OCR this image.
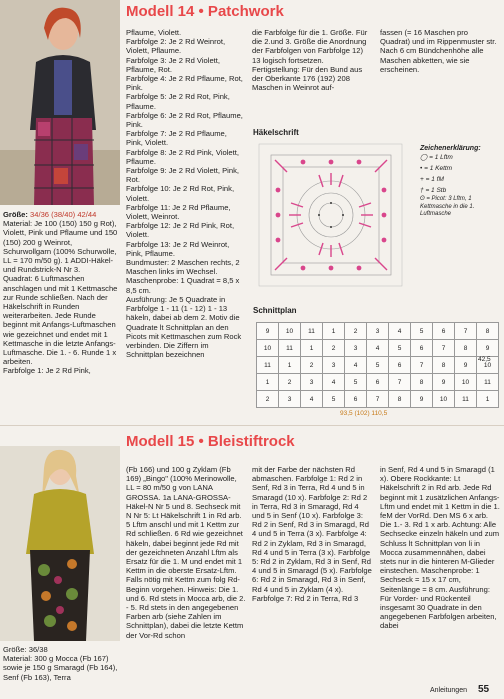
Modell 14 • Patchwork
Größe: 34/36 (38/40) 42/44
Material: Je 100 (150) 150 g Rot), Violett, Pink und Pflaume und 150 (150) 200 g Weinrot, Schurwollgarn (100% Schurwolle, LL = 170 m/50 g). 1 ADDI-Häkel- und Rundstrick-N Nr 3.
Quadrat: 6 Luftmaschen anschlagen und mit 1 Kettmasche zur Runde schließen. Nach der Häkelschrift in Runden weiterarbeiten. Jede Runde beginnt mit Anfangs-Luftmaschen wie gezeichnet und endet mit 1 Kettmasche in die letzte Anfangs-Luftmasche. Die 1. - 6. Runde 1 x arbeiten.
Farbfolge 1: Je 2 Rd Pink,
Pflaume, Violett.
Farbfolge 2: Je 2 Rd Weinrot, Violett, Pflaume.
Farbfolge 3: Je 2 Rd Violett, Pflaume, Rot.
Farbfolge 4: Je 2 Rd Pflaume, Rot, Pink.
Farbfolge 5: Je 2 Rd Rot, Pink, Pflaume.
Farbfolge 6: Je 2 Rd Rot, Pflaume, Pink.
Farbfolge 7: Je 2 Rd Pflaume, Pink, Violett.
Farbfolge 8: Je 2 Rd Pink, Violett, Pflaume.
Farbfolge 9: Je 2 Rd Violett, Pink, Rot.
Farbfolge 10: Je 2 Rd Rot, Pink, Violett.
Farbfolge 11: Je 2 Rd Pflaume, Violett, Weinrot.
Farbfolge 12: Je 2 Rd Pink, Rot, Violett.
Farbfolge 13: Je 2 Rd Weinrot, Pink, Pflaume.
Bundmuster: 2 Maschen rechts, 2 Maschen links im Wechsel.
Maschenprobe: 1 Quadrat = 8,5 x 8,5 cm.
Ausführung: Je 5 Quadrate in Farbfolge 1 - 11 (1 - 12) 1 - 13 häkeln, dabei ab dem 2. Motiv die Quadrate lt Schnittplan an den Picots mit Kettmaschen zum Rock verbinden. Die Ziffern im Schnittplan bezeichnen
die Farbfolge für die 1. Größe. Für die 2.und 3. Größe die Anordnung der Farbfolgen von Farbfolge 12) 13 logisch fortsetzen.
Fertigstellung: Für den Bund aus der Oberkante 176 (192) 208 Maschen in Weinrot auf-
fassen (= 16 Maschen pro Quadrat) und im Rippenmuster str. Nach 6 cm Bündchenhöhe alle Maschen abketten, wie sie erscheinen.
Häkelschrift
Zeichenerklärung:
◯ = 1 Lftm
• = 1 Kettm
+ = 1 fM
† = 1 Stb
ʘ = Picot: 3 Lftm, 1 Kettmasche in die 1. Luftmasche
Schnittplan
9	10	11	1	2	3	4	5	6	7	8
10	11	1	2	3	4	5	6	7	8	9
11	1	2	3	4	5	6	7	8	9	10
1	2	3	4	5	6	7	8	9	10	11
2	3	4	5	6	7	8	9	10	11	1
42,5
93,5 (102) 110,5
Modell 15 • Bleistiftrock
Größe: 36/38
Material: 300 g Mocca (Fb 167) sowie je 150 g Smaragd (Fb 164), Senf (Fb 163), Terra
(Fb 166) und 100 g Zyklam (Fb 169) „Bingo" (100% Merinowolle, LL = 80 m/50 g von LANA GROSSA. 1a LANA-GROSSA-Häkel-N Nr 5 und 8. Sechseck mit N Nr 5: Lt Häkelschrift 1 in Rd arb. 5 Lftm anschl und mit 1 Kettm zur Rd schließen. 6 Rd wie gezeichnet häkeln, dabei beginnt jede Rd mit der gezeichneten Anzahl Lftm als Ersatz für die 1. M und endet mit 1 Kettm in die oberste Ersatz-Lftm. Falls nötig mit Kettm zum folg Rd-Beginn vorgehen. Hinweis: Die 1. und 6. Rd stets in Mocca arb, die 2. - 5. Rd stets in den angegebenen Farben arb (siehe Zahlen im Schnittplan), dabei die letzte Kettm der Vor-Rd schon
mit der Farbe der nächsten Rd abmaschen. Farbfolge 1: Rd 2 in Senf, Rd 3 in Terra, Rd 4 und 5 in Smaragd (10 x). Farbfolge 2: Rd 2 in Terra, Rd 3 in Smaragd, Rd 4 und 5 in Senf (10 x). Farbfolge 3: Rd 2 in Senf, Rd 3 in Smaragd, Rd 4 und 5 in Terra (3 x). Farbfolge 4: Rd 2 in Zyklam, Rd 3 in Smaragd, Rd 4 und 5 in Terra (3 x). Farbfolge 5: Rd 2 in Zyklam, Rd 3 in Senf, Rd 4 und 5 in Smaragd (5 x). Farbfolge 6: Rd 2 in Smaragd, Rd 3 in Senf, Rd 4 und 5 in Zyklam (4 x). Farbfolge 7: Rd 2 in Terra, Rd 3
in Senf, Rd 4 und 5 in Smaragd (1 x). Obere Rockkante: Lt Häkelschrift 2 in Rd arb. Jede Rd beginnt mit 1 zusätzlichen Anfangs-Lftm und endet mit 1 Kettm in die 1. feM der VorRd. Den MS 6 x arb. Die 1.- 3. Rd 1 x arb. Achtung: Alle Sechsecke einzeln häkeln und zum Schluss lt Schnittplan von li in Mocca zusammennähen, dabei stets nur in die hinteren M-Glieder einstechen. Maschenprobe: 1 Sechseck = 15 x 17 cm, Seitenlänge = 8 cm. Ausführung: Für Vorder- und Rückenteil insgesamt 30 Quadrate in den angegebenen Farbfolgen arbeiten, dabei
Anleitungen 55
